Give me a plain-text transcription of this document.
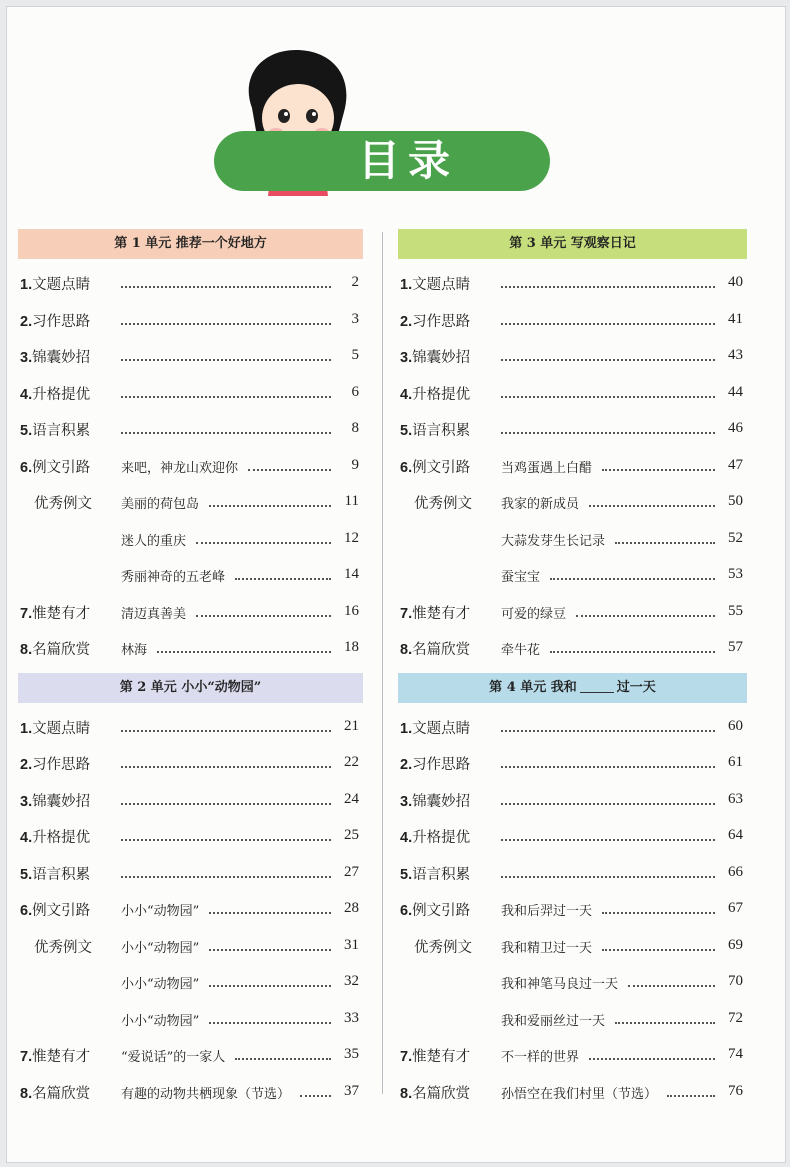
目录
第 1 单元 推荐一个好地方
1.文题点睛	2
2.习作思路	3
3.锦囊妙招	5
4.升格提优	6
5.语言积累	8
6.例文引路 来吧，神龙山欢迎你	9
优秀例文 美丽的荷包岛	11
迷人的重庆	12
秀丽神奇的五老峰	14
7.惟楚有才 清迈真善美	16
8.名篇欣赏 林海	18
第 2 单元 小小“动物园”
1.文题点睛	21
2.习作思路	22
3.锦囊妙招	24
4.升格提优	25
5.语言积累	27
6.例文引路 小小“动物园”	28
优秀例文 小小“动物园”	31
小小“动物园”	32
小小“动物园”	33
7.惟楚有才 “爱说话”的一家人	35
8.名篇欣赏 有趣的动物共栖现象（节选）	37
第 3 单元 写观察日记
1.文题点睛	40
2.习作思路	41
3.锦囊妙招	43
4.升格提优	44
5.语言积累	46
6.例文引路 当鸡蛋遇上白醋	47
优秀例文 我家的新成员	50
大蒜发芽生长记录	52
蚕宝宝	53
7.惟楚有才 可爱的绿豆	55
8.名篇欣赏 牵牛花	57
第 4 单元 我和	过一天
1.文题点睛	60
2.习作思路	61
3.锦囊妙招	63
4.升格提优	64
5.语言积累	66
6.例文引路 我和后羿过一天	67
优秀例文 我和精卫过一天	69
我和神笔马良过一天	70
我和爱丽丝过一天	72
7.惟楚有才 不一样的世界	74
8.名篇欣赏 孙悟空在我们村里（节选）	76
